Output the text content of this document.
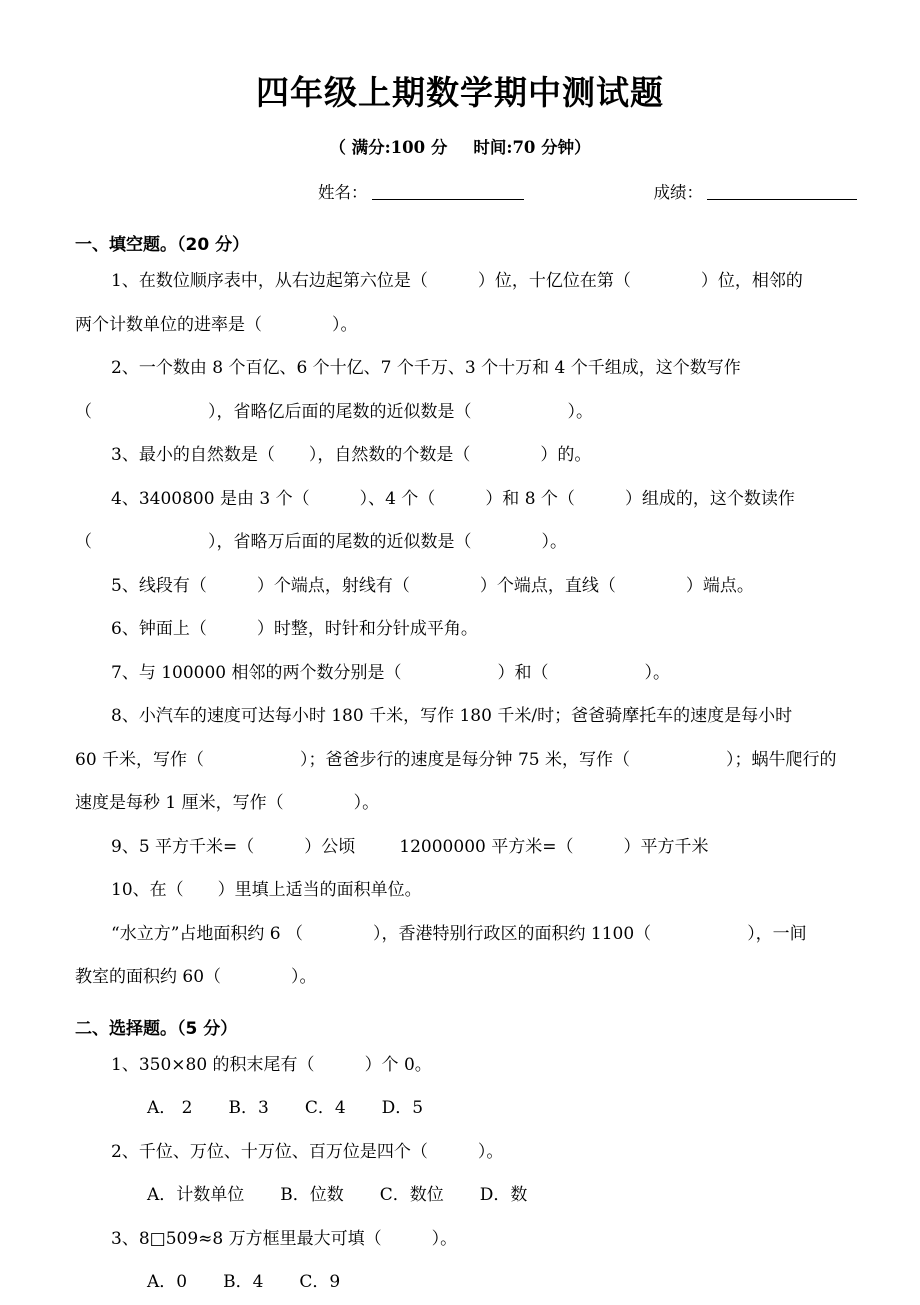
四年级上期数学期中测试题

（ 满分:100 分 时间:70 分钟）

姓名：	成绩：

一、填空题。（20 分）

1、在数位顺序表中，从右边起第六位是（	）位，十亿位在第（	）位，相邻的

两个计数单位的进率是（	）。

2、一个数由 8 个百亿、6 个十亿、7 个千万、3 个十万和 4 个千组成，这个数写作

（	），省略亿后面的尾数的近似数是（	）。

3、最小的自然数是（ ），自然数的个数是（	）的。

4、3400800 是由 3 个（	）、4 个（	）和 8 个（	）组成的，这个数读作

（	），省略万后面的尾数的近似数是（	）。

5、线段有（	）个端点，射线有（	）个端点，直线（	）端点。

6、钟面上（	）时整，时针和分针成平角。

7、与 100000 相邻的两个数分别是（	）和（	）。

8、小汽车的速度可达每小时 180 千米，写作 180 千米/时；爸爸骑摩托车的速度是每小时

60 千米，写作（	）；爸爸步行的速度是每分钟 75 米，写作（	）；蜗牛爬行的

速度是每秒 1 厘米，写作（	）。

9、5 平方千米=（	）公顷	12000000 平方米=（	）平方千米

10、在（ ）里填上适当的面积单位。

“水立方”占地面积约 6 （	），香港特别行政区的面积约 1100（	），一间

教室的面积约 60（	）。

二、选择题。（5 分）

1、350×80 的积末尾有（	）个 0。

A． 2 B．3 C．4 D．5

2、千位、万位、十万位、百万位是四个（	）。

A．计数单位 B．位数 C．数位 D．数

3、8□509≈8 万方框里最大可填（	）。

A．0 B．4 C．9
